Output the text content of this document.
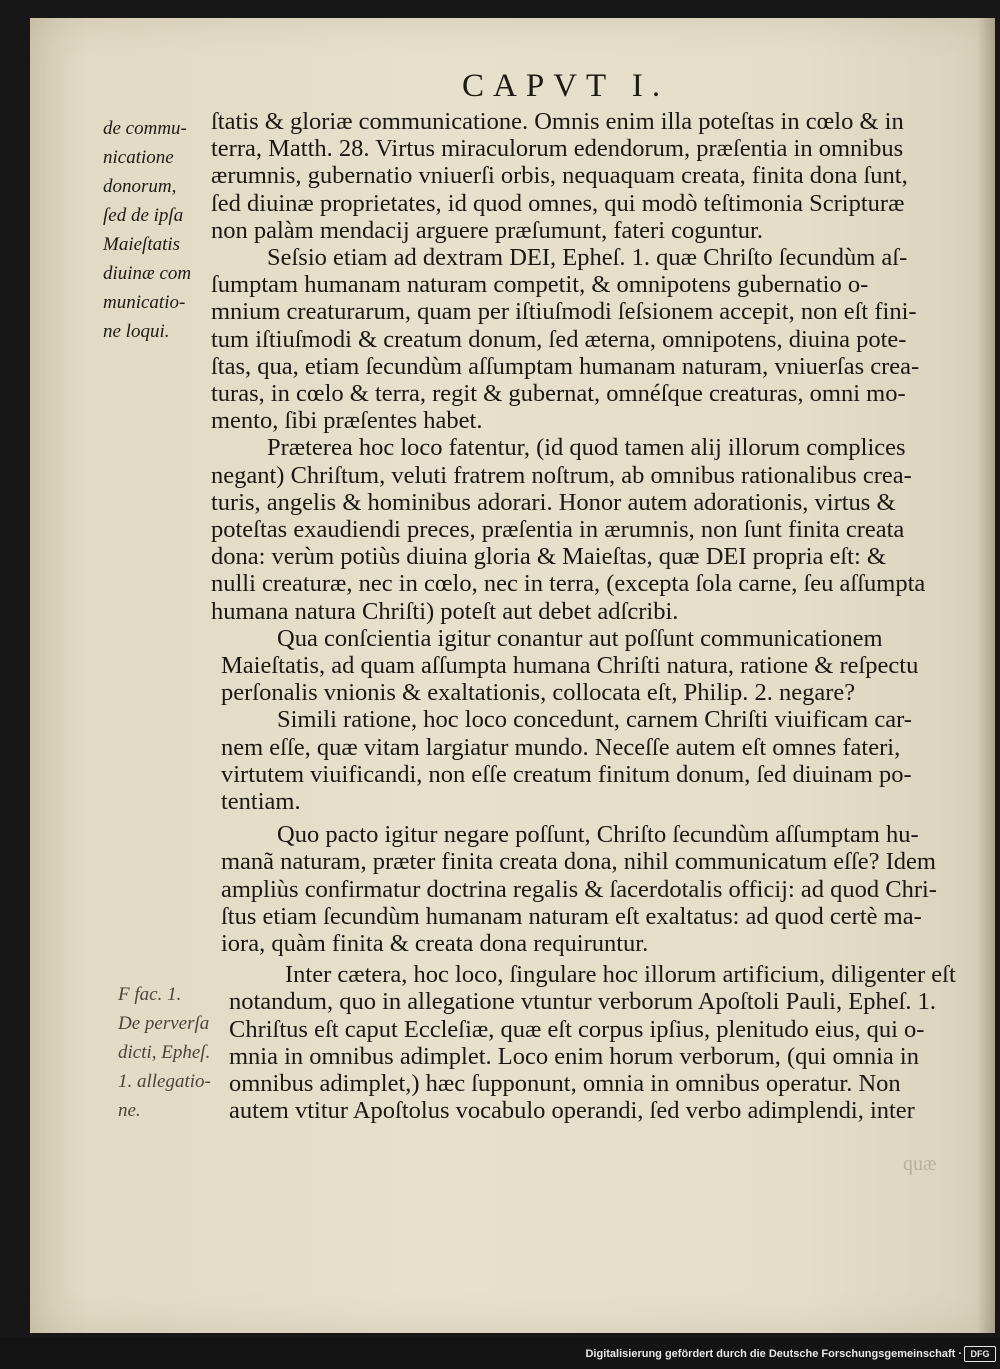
CAPVT I.
ſtatis & gloriæ communicatione. Omnis enim illa poteſtas in cœlo & in
terra, Matth. 28. Virtus miraculorum edendorum, præſentia in omnibus
ærumnis, gubernatio vniuerſi orbis, nequaquam creata, finita dona ſunt,
ſed diuinæ proprietates, id quod omnes, qui modò teſtimonia Scripturæ
non palàm mendacij arguere præſumunt, fateri coguntur.
Seſsio etiam ad dextram DEI, Epheſ. 1. quæ Chriſto ſecundùm aſ-
ſumptam humanam naturam competit, & omnipotens gubernatio o-
mnium creaturarum, quam per iſtiuſmodi ſeſsionem accepit, non eſt fini-
tum iſtiuſmodi & creatum donum, ſed æterna, omnipotens, diuina pote-
ſtas, qua, etiam ſecundùm aſſumptam humanam naturam, vniuerſas crea-
turas, in cœlo & terra, regit & gubernat, omnéſque creaturas, omni mo-
mento, ſibi præſentes habet.
Præterea hoc loco fatentur, (id quod tamen alij illorum complices
negant) Chriſtum, veluti fratrem noſtrum, ab omnibus rationalibus crea-
turis, angelis & hominibus adorari. Honor autem adorationis, virtus &
poteſtas exaudiendi preces, præſentia in ærumnis, non ſunt finita creata
dona: verùm potiùs diuina gloria & Maieſtas, quæ DEI propria eſt: &
nulli creaturæ, nec in cœlo, nec in terra, (excepta ſola carne, ſeu aſſumpta
humana natura Chriſti) poteſt aut debet adſcribi.
Qua conſcientia igitur conantur aut poſſunt communicationem
Maieſtatis, ad quam aſſumpta humana Chriſti natura, ratione & reſpectu
perſonalis vnionis & exaltationis, collocata eſt, Philip. 2. negare?
Simili ratione, hoc loco concedunt, carnem Chriſti viuificam car-
nem eſſe, quæ vitam largiatur mundo. Neceſſe autem eſt omnes fateri,
virtutem viuificandi, non eſſe creatum finitum donum, ſed diuinam po-
tentiam.
Quo pacto igitur negare poſſunt, Chriſto ſecundùm aſſumptam hu-
manã naturam, præter finita creata dona, nihil communicatum eſſe? Idem
ampliùs confirmatur doctrina regalis & ſacerdotalis officij: ad quod Chri-
ſtus etiam ſecundùm humanam naturam eſt exaltatus: ad quod certè ma-
iora, quàm finita & creata dona requiruntur.
Inter cætera, hoc loco, ſingulare hoc illorum artificium, diligenter eſt
notandum, quo in allegatione vtuntur verborum Apoſtoli Pauli, Epheſ. 1.
Chriſtus eſt caput Eccleſiæ, quæ eſt corpus ipſius, plenitudo eius, qui o-
mnia in omnibus adimplet. Loco enim horum verborum, (qui omnia in
omnibus adimplet,) hæc ſupponunt, omnia in omnibus operatur. Non
autem vtitur Apoſtolus vocabulo operandi, ſed verbo adimplendi, inter
de commu-
nicatione
donorum,
ſed de ipſa
Maieſtatis
diuinæ com
municatio-
ne loqui.
F fac. 1.
De perverſa
dicti, Epheſ.
1. allegatio-
ne.
quæ
Digitalisierung gefördert durch die Deutsche Forschungsgemeinschaft · DFG
